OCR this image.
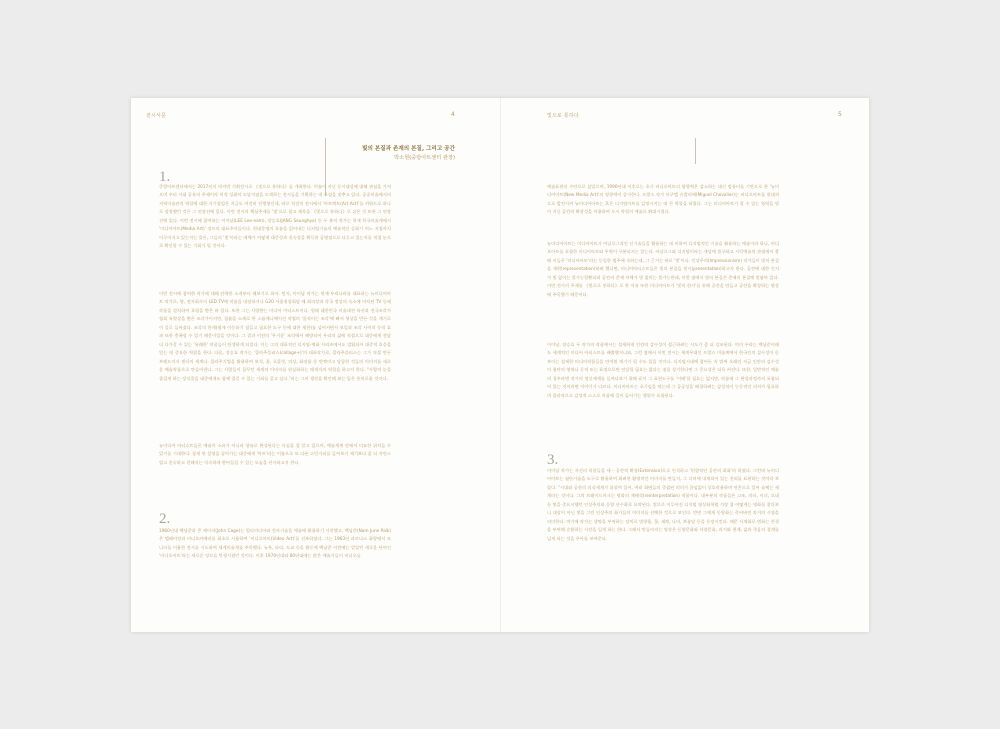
전시서문	4
빛의 본질과 존재의 본질, 그리고 공간
박소현(중랑아트센터 관장)
1.

중랑아트센터에서는 2017년의 마지막 기획전시로 《빛으로 통하다》를 개최한다. 미술이 지닌 동시대성에 대해 관심을 가져오며 우리 시대 공통의 주제이자 미적 성취의 도달지점을 모색하는 전시들을 기획하는 데 초점을 맞추고 있다. 공공미술에서의 지역미술관의 역할에 대한 자기점검은 지금도 여전히 진행형인데, 바로 직전의 전시에서 '아트액트(Art Act)'를 키워드로 하나로 설정했던 것은 그 연장선에 있다. 이번 전시의 핵심주제를 '빛'으로 잡고 제목을 《빛으로 통하다》로 삼은 것 또한 그 연장선에 있다. 이번 전시에 참여하는 이이남(LEE Lee-nam), 장승효(JANG Seunghyo) 등 두 분의 작가는 현재 한국미술계에서 '미디어아트(Media Art)' 장르의 대표주자들이다. 현대문명의 흐름을 읽어내는 디지털기술의 예술적인 승화가 어느 지점까지 이루어지고 있는지는 물론, 그들의 '빛'이라는 매체가 어떻게 대중성과 친숙성을 획득한 공명점으로 다루고 있는지를 직접 눈으로 확인할 수 있는 기회가 될 것이다.

이번 전시에 참여한 작가에 대해 간략한 소개부터 해보기로 하자. 먼저, 이이남 작가는 현재 우리나라를 대표하는 뉴미디어아트 작가로, 양, 전자회사의 LED TV에 작품을 내장하거나 G20 서울정상회담 때 회의장과 각국 정상의 숙소에 비치된 TV 등에 작품을 설치하여 호평을 받은 바 있다. 또한 그는 사랑받는 미디어 아티스트이다. 원래 대한민국 미술대전 특선과 전국조각가협회 특별상을 받은 조각가이지만, 철흙을 소재로 한 스톱애니메이션 작업의 '움직이는 조각'에 빠져 영상을 만든 것을 계기로 이 길로 들어섰다. 조각의 한계(쉽게 이동하기 힘들고 필요한 도구 등에 대한 제한)를 넘어서면서 보일과 조각 사이의 동작 효과 또한 충족할 수 있기 때문이었을 것이다. 그 결과 이전의 '무거운' 조각에서 해방되어 우리의 삶에 직접으로 대중에게 전달 더 다가갈 수 있는 '유쾌한' 작품들이 탄생하게 되었다. 이는 그의 대표적인 디지털-명화 시리즈에서도 발휘되어 대중적 호응을 얻는 데 중요한 역할을 한다. 다음, 장승효 작가는 '콜라주플러스(collage+)'의 대표작가로, 콜라주플러스는 그가 직접 만든 브랜드이자 센터의 세계다. 콜라주기법을 활용하여 보석, 꽃, 초콜릿, 의상, 화장품 등 반짝이고 달콤한 것들의 이미지를 새로운 예술작품으로 만들어낸다. 그는 사람들이 꿈꾸던 세계의 이미지를 현실화하는 매개자의 역할을 하고자 한다. "사람의 눈을 즐겁게 하는 장식물을 대중에게도 함께 즐길 수 있는 기회를 갖고 싶다."라는 그의 생각을 확인해 보는 일은 흥미로울 것이다.

뉴미디어 아티스트들은 예술이 소유가 아니라 향유로 완성된다는 사실을 잘 알고 있으며, 예술세계 안에서 미묘한 위치들 수 있기를 기대한다. 참게 한 설명을 살아가는 대중에게 '아트'라는 이름으로 또 다른 고민거리를 들여보기 제기보다 좀 더 자연스럽고 친숙하고 친해지는 익숙하게 받아들일 수 있는 모습을 선사하고자 한다.

2.

1960년대 백남준과 존 케이지(John Cage)는 멀티미디어와 전자기술을 예술에 활용하기 시작했고, 백남준(Nam June Paik)은 텔레비전과 비디오카메라를 최초로 사용하여 '비디오아트(Video Art)'를 선보하였다. 그는 1963년 파르나스 화랑에서 모니터를 이용한 전시를 시도하여 세계미술계를 주목했다. 뉴욕, 파리, 도쿄 등을 활동에 백남준 이전에는 알았던 새로운 단어인 '비디오아트'라는 새로운 장르를 탄생시켰던 것이다. 이후 1970년대와 80년대에는 많은 예술가들이 비디오를

빛으로 통하다	5

예술표현의 수단으로 삼았으며, 1990년대 이후로는 초기 비디오아트의 영향력은 감소하는 대신 컴퓨터를 기반으로 한 '뉴미디어아트(New Media Art)'의 영향력이 증가한다. 프랑스 작가 미구엘 슈발리에(Miguel Chevalier)는 비디오아트를 현대적으로 발전시켜 뉴미디어아트는 혹은 디지털아트를 감정시키는 데 큰 역할을 하였다. 그는 미디어아트가 할 수 있는 영역을 빛이 지닌 공간의 확장성을 이용하여 도시 차원의 예술로 확대시켰다.

뉴미디어아트는 미디어아트가 아날로그적인 신기술들을 활용하는 데 비하여 디지털적인 기술을 활용하는 예술이라 하나, 비디오아트를 포함한 미디어아트와 뚜렷이 구분되지는 않는다. 아날로그와 디지털이라는 개념에 불구하고 시각예술의 관점에서 볼 때 이들은 '미디어아트'라는 동일한 범주에 속하는데, 그 근거는 바로 '빛'이다. 인상주의(Impressionism) 작가들이 빛의 본질을 재현(representation)하려 했다면, 미디어아티스트들은 빛의 본질을 현시(presentation)하고자 한다. 공간에 대한 인지가 빛 없이는 불가능할뿐더러 공간의 존재 자체가 빛 없이는 불가능한데, 이런 점에서 빛의 본질은 존재의 본질에 맞닿아 있다. 이번 전시의 주제를 《빛으로 통하다》로 한 이유 또한 미디어아트가 '빛의 현시'를 통해 공간을 만들고 공간을 확장하는 양상에 주목했기 때문이다.

이이남, 장승효 두 작가의 작품에서는 섬세하게 인간의 감수성이 접근하려는 시도가 좀 더 강조된다. 이미 우리는 백남준이래도 세계적인 미디어 아티스트를 배출했거니와, 그런 점에서 이번 전시는 세계무대인 프랑스 미술계에서 한국인의 감수성이 돋보이는 섬세한 미디어작품들을 만져볼 계기가 될 수도 있을 것이다. 디지털시대에 접어든 지 벌써 오래인 지금 인간의 감수성이 첨단의 영역나 동적 또는 표정으로만 전달될 필요는 없다는 점을 상기한다면 그 중요성은 더욱 커진다. 또한, 일반적인 예술의 경우라면 작가의 정신세계를 들여다보기 위해 굳이 그 표현도구를 '이해'할 필요는 없지만, 작품에 그 완성과정까지 포함되어 있는 것이라면 이야기가 다르다. 미디어아트는 초기임을 막는데 그 공공성을 배경하려는 감성적이 능동적인 의지가 필요하며 결과적으로 감성적 스스로 작품에 깊이 들어가는 행위가 포함된다.

3.

이이남 작가는 자신의 작품들을 새 – 공간적 확장(Extension)으로 인식하고 '편향적인 공간의 회화'라 하였다. 그런데 뉴미디어아트는 첨단기술을 도구로 활용하여 화려한 환영적인 이미지를 만들지, 그 너머에 내재되어 있는 진리를 표현하는 것이라 보았다. "시대와 공간의 의식세계가 뒤섞여 있어, 여러 화면들의 중첩된 의미가 끊임없이 상호작용하며 연존으로 일어 슬쩍는 세계라는 것이다. 그의 트레이드마크는 명화의 재해석(reinterpretation) 작품이다. 대부분의 작품들은 고조, 의라, 이녀, 오네 등 빛을 중요시했던 인상주의와 동양 산수화로 요약된다. 빛으로 이루어진 디지털 영상화처럼 가장 참 어떻게는 명화를 찾다보니 대상이 아닌 빛을 그린 인상주의 화가들의 이미지를 선택한 것으로 보인다. 반면 그에게 동양화는 죽어버린 과거의 시점을 의미한다. 여기에 작가는 생명을 부여하는 장치로 빛방울, 꽃, 새싹, 나비, 보름달 등을 등장시킨다. 때문 시계화로 변화는 풍경을 부여해 순환하는 시간을 입게 하는 한다. 그래서 만들어지는 영상은 동양문화와 서양문화, 과거와 현재, 삶과 죽음의 경계를 넘게 되는 것을 우아를 보여준다.
